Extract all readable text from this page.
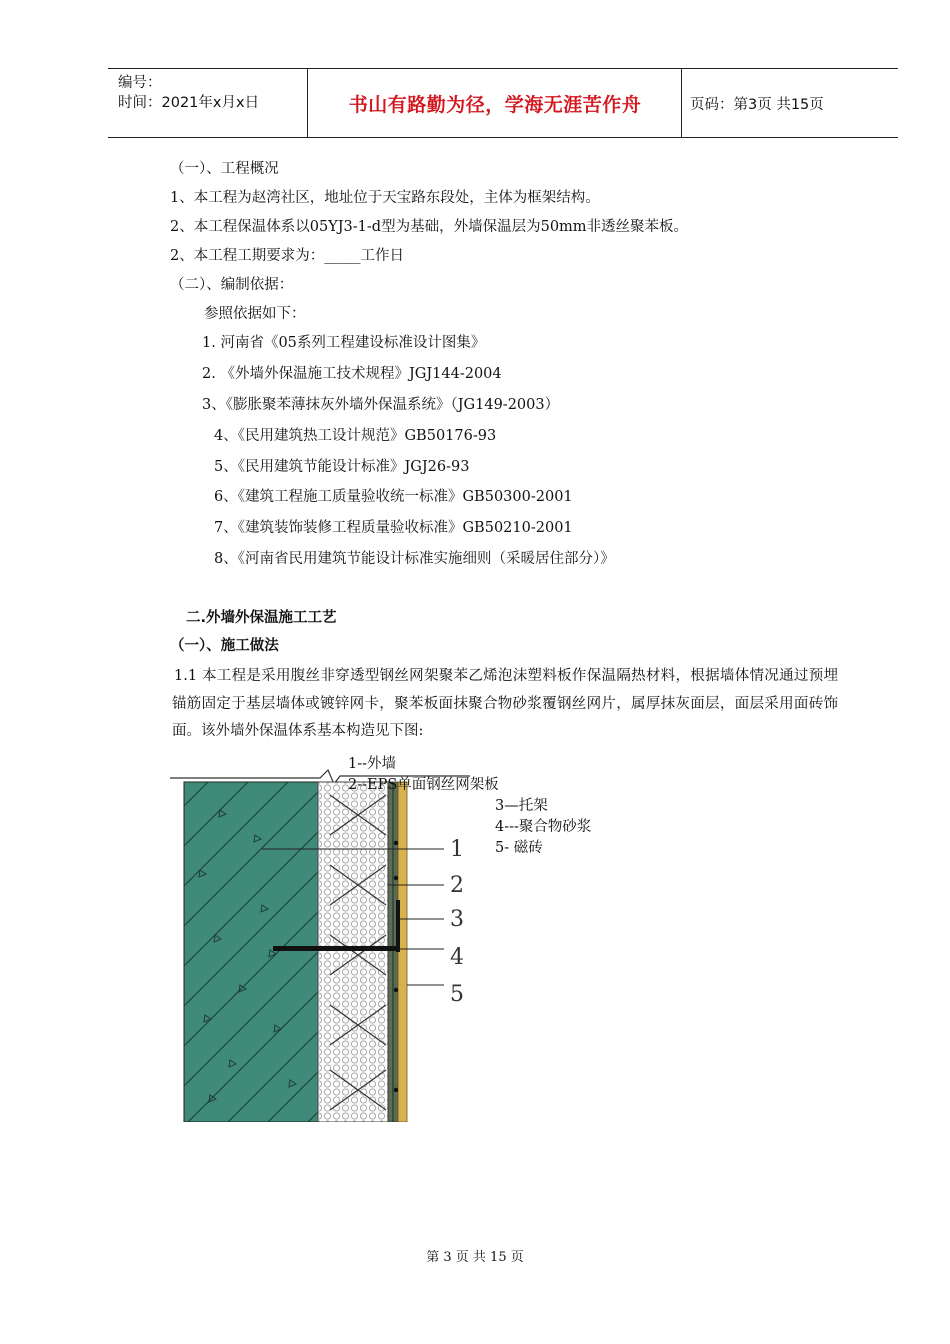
编号：
时间：2021年x月x日	书山有路勤为径，学海无涯苦作舟	页码：第3页 共15页
（一）、工程概况
1、本工程为赵湾社区，地址位于天宝路东段处，主体为框架结构。
2、本工程保温体系以05YJ3-1-d型为基础，外墙保温层为50mm非透丝聚苯板。
2、本工程工期要求为：_____工作日
（二）、编制依据：
参照依据如下：
1. 河南省《05系列工程建设标准设计图集》
2. 《外墙外保温施工技术规程》JGJ144-2004
3、《膨胀聚苯薄抹灰外墙外保温系统》（JG149-2003）
4、《民用建筑热工设计规范》GB50176-93
5、《民用建筑节能设计标准》JGJ26-93
6、《建筑工程施工质量验收统一标准》GB50300-2001
7、《建筑装饰装修工程质量验收标准》GB50210-2001
8、《河南省民用建筑节能设计标准实施细则（采暖居住部分）》
二.外墙外保温施工工艺
（一）、施工做法
1.1 本工程是采用腹丝非穿透型钢丝网架聚苯乙烯泡沫塑料板作保温隔热材料，根据墙体情况通过预埋锚筋固定于基层墙体或镀锌网卡，聚苯板面抹聚合物砂浆覆钢丝网片，属厚抹灰面层，面层采用面砖饰面。该外墙外保温体系基本构造见下图:
1
2
3
4
5
1--外墙
2--EPS单面钢丝网架板
3—托架
4---聚合物砂浆
5- 磁砖
第 3 页 共 15 页
